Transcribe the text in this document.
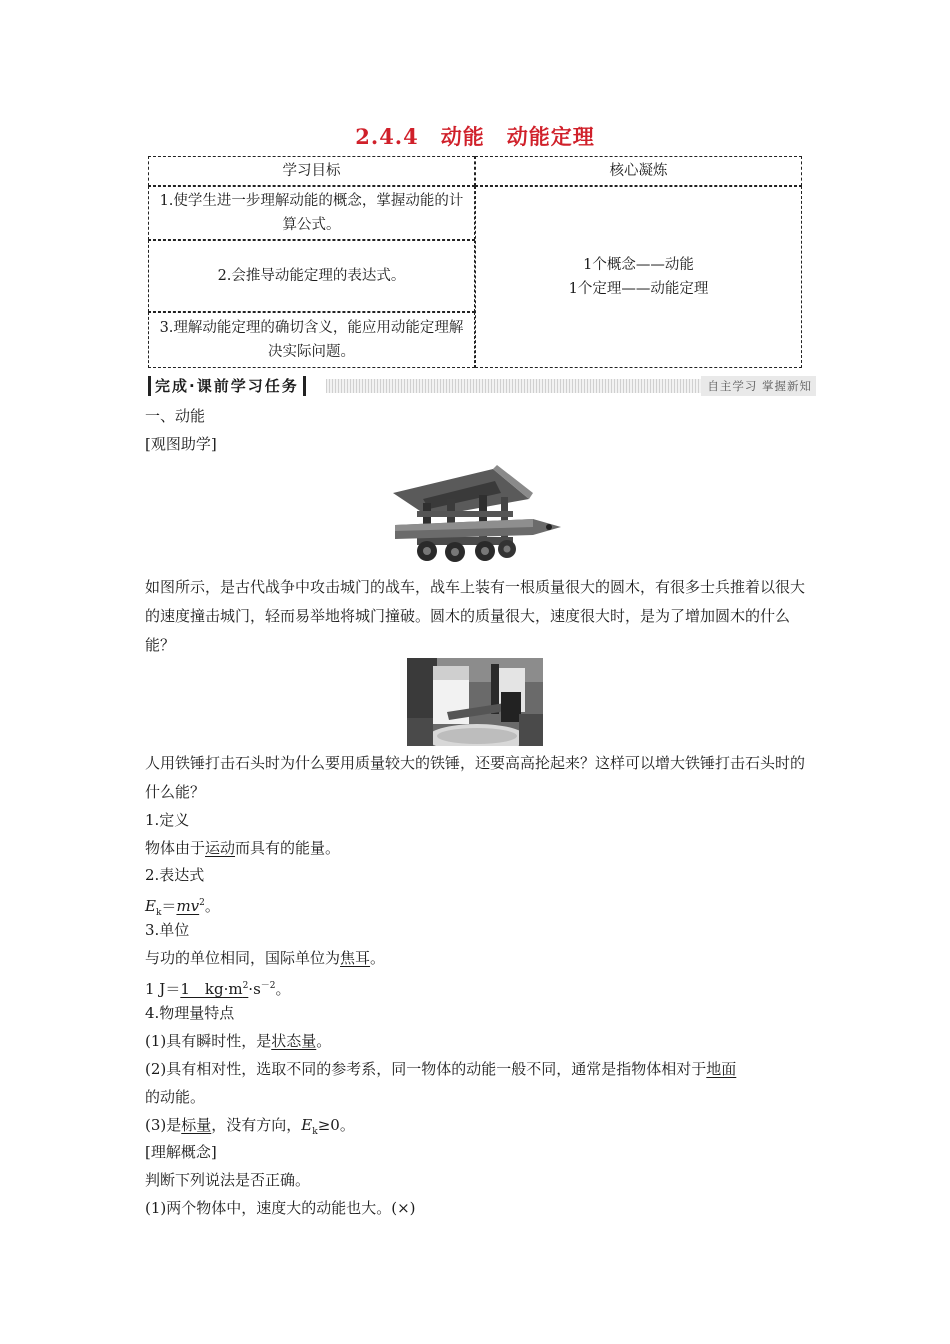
2.4.4　动能　动能定理
学习目标	核心凝炼
1.使学生进一步理解动能的概念，掌握动能的计算公式。
2.会推导动能定理的表达式。
3.理解动能定理的确切含义，能应用动能定理解决实际问题。
1个概念——动能
1个定理——动能定理
完成·课前学习任务	自主学习 掌握新知
一、动能
[观图助学]
如图所示，是古代战争中攻击城门的战车，战车上装有一根质量很大的圆木，有很多士兵推着以很大的速度撞击城门，轻而易举地将城门撞破。圆木的质量很大，速度很大时，是为了增加圆木的什么能？
人用铁锤打击石头时为什么要用质量较大的铁锤，还要高高抡起来？这样可以增大铁锤打击石头时的什么能？
1.定义
物体由于运动而具有的能量。
2.表达式
$E_k=mv^2$。
3.单位
与功的单位相同，国际单位为焦耳。
1 J＝1　$kg\cdot m^2\cdot s^{-2}$。
4.物理量特点
(1)具有瞬时性，是状态量。
(2)具有相对性，选取不同的参考系，同一物体的动能一般不同，通常是指物体相对于地面
的动能。
(3)是标量，没有方向，$E_k\ge 0$。
[理解概念]
判断下列说法是否正确。
(1)两个物体中，速度大的动能也大。(×)
